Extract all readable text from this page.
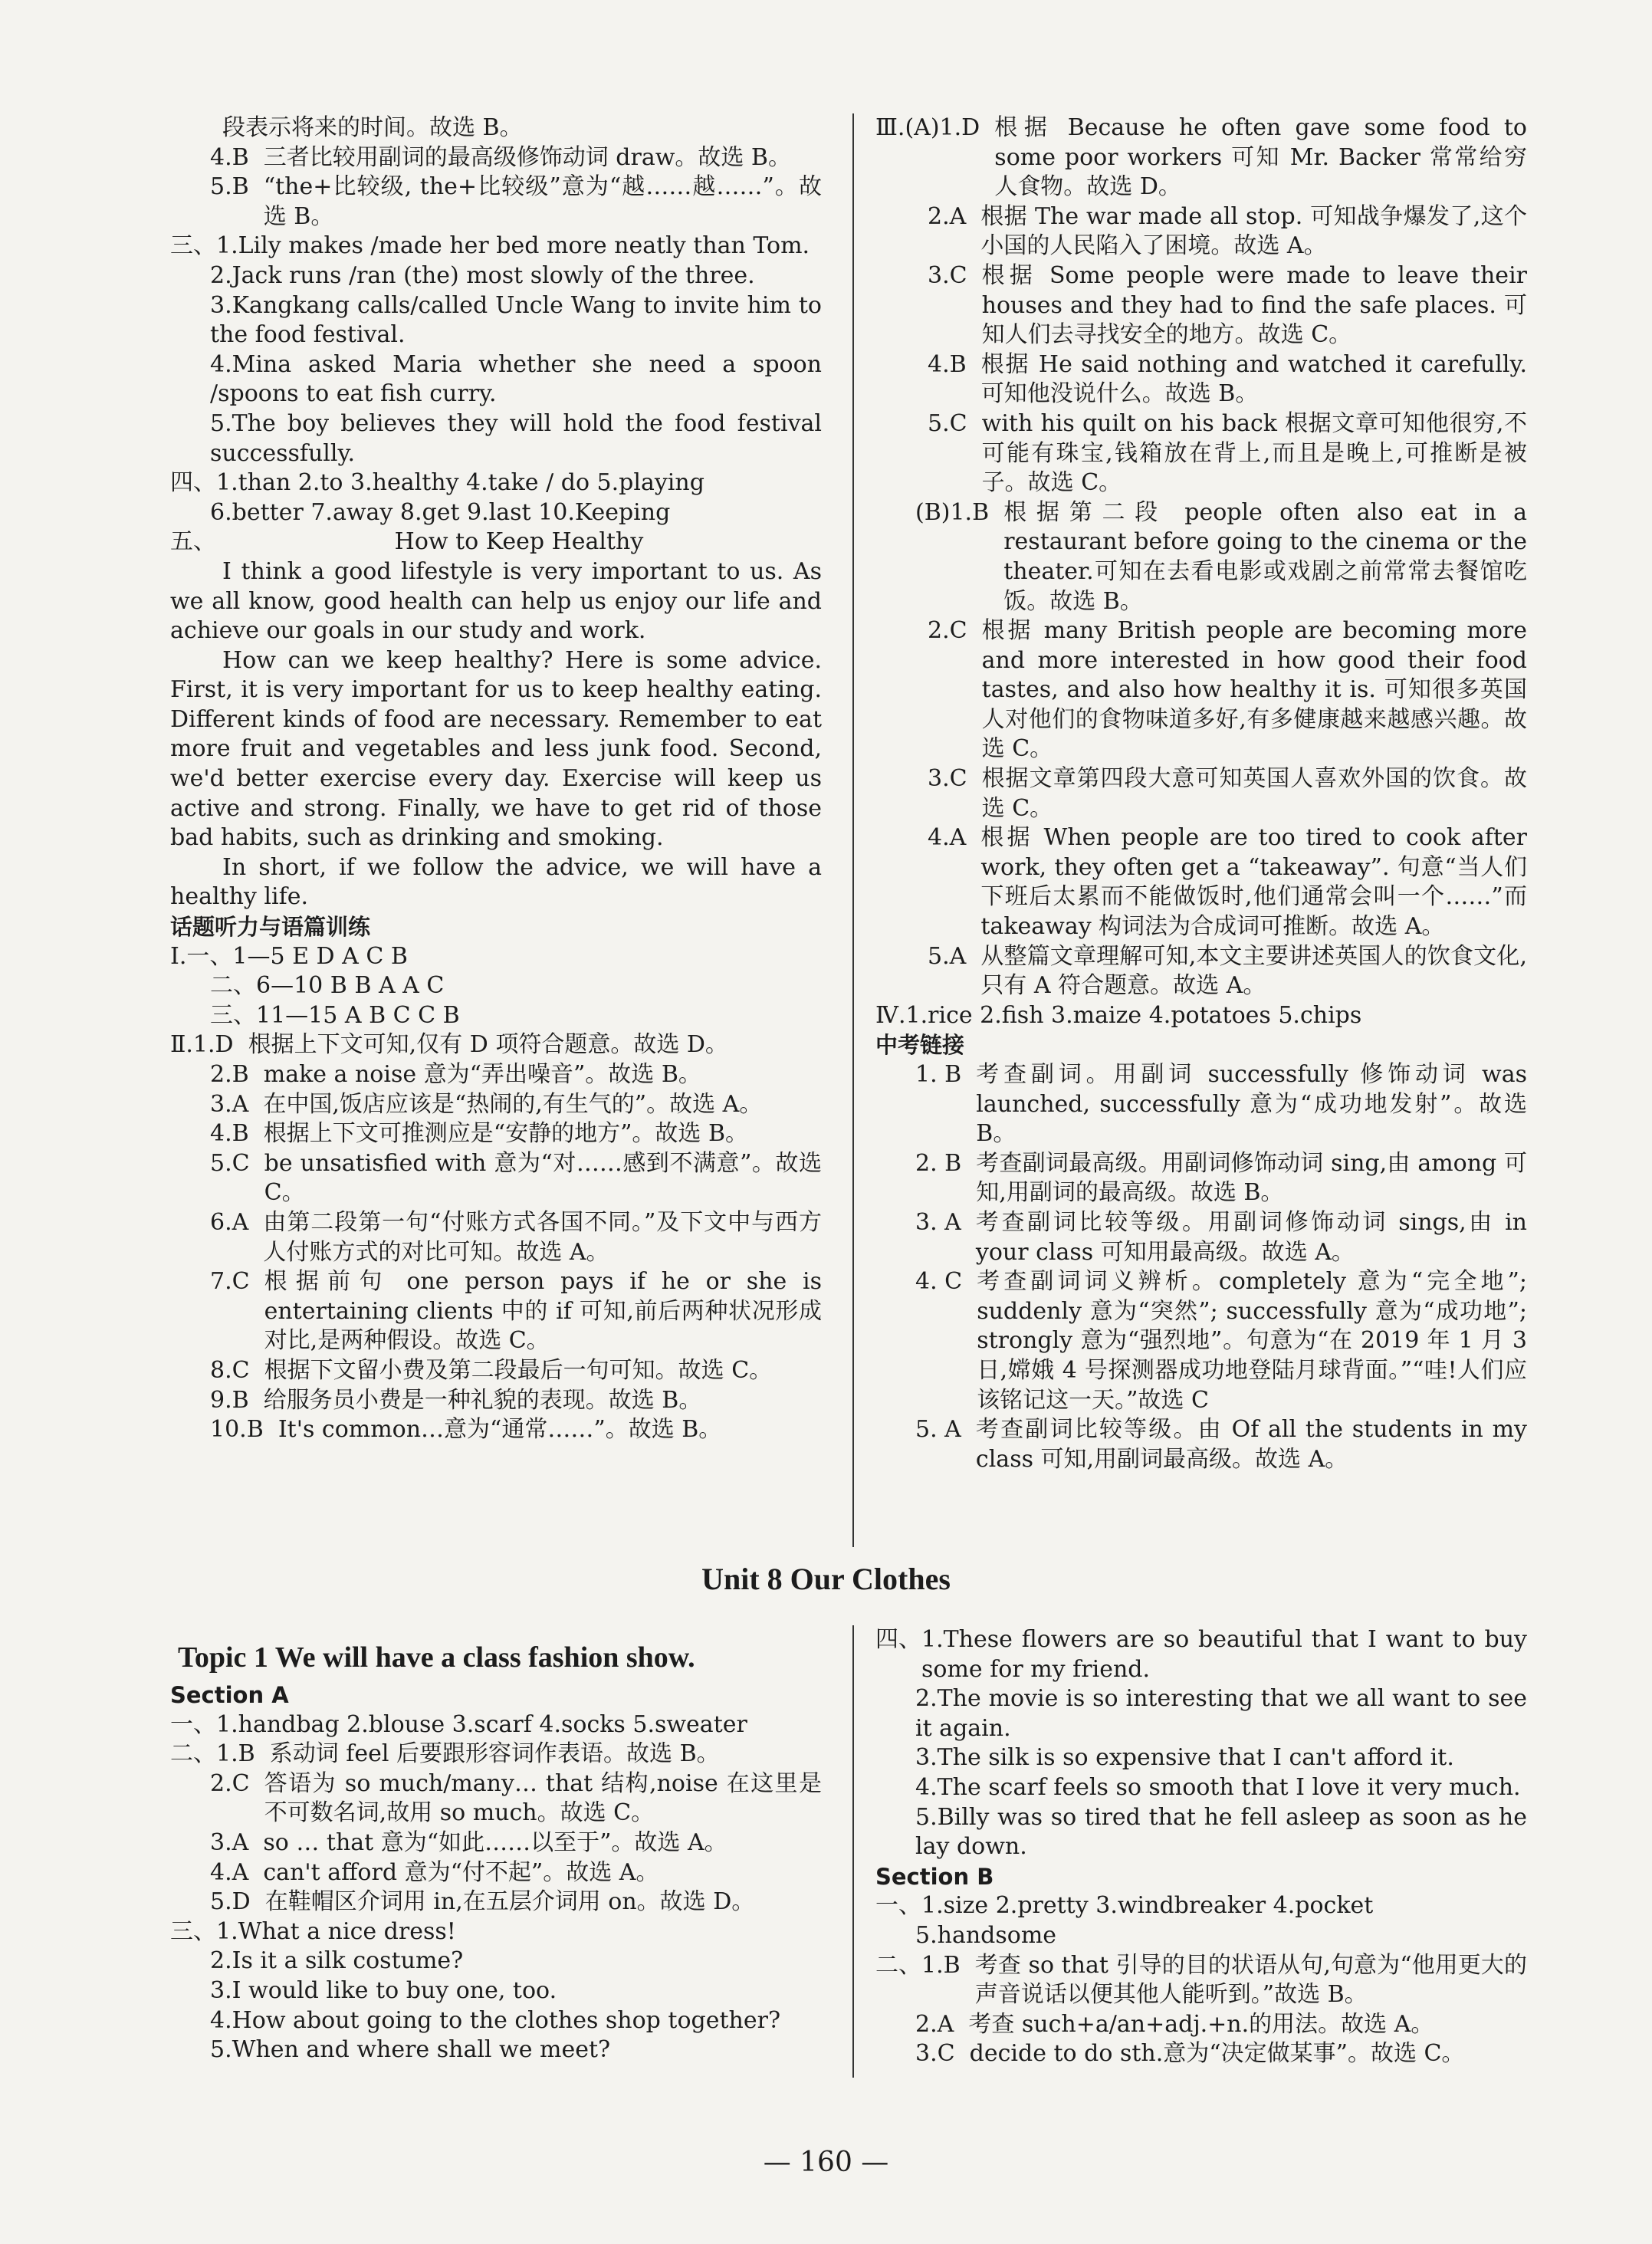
段表示将来的时间。故选 B。
4.B 三者比较用副词的最高级修饰动词 draw。故选 B。
5.B “the+比较级, the+比较级”意为“越……越……”。故选 B。
三、 1.Lily makes /made her bed more neatly than Tom.
2.Jack runs /ran (the) most slowly of the three.
3.Kangkang calls/called Uncle Wang to invite him to the food festival.
4.Mina asked Maria whether she need a spoon /spoons to eat fish curry.
5.The boy believes they will hold the food festival successfully.
四、 1.than 2.to 3.healthy 4.take / do 5.playing
6.better 7.away 8.get 9.last 10.Keeping
五、	How to Keep Healthy
I think a good lifestyle is very important to us. As we all know, good health can help us enjoy our life and achieve our goals in our study and work.
How can we keep healthy? Here is some advice. First, it is very important for us to keep healthy eating. Different kinds of food are necessary. Remember to eat more fruit and vegetables and less junk food. Second, we'd better exercise every day. Exercise will keep us active and strong. Finally, we have to get rid of those bad habits, such as drinking and smoking.
In short, if we follow the advice, we will have a healthy life.
话题听力与语篇训练
Ⅰ. 一、1—5 E D A C B
二、6—10 B B A A C
三、11—15 A B C C B
Ⅱ.1.D 根据上下文可知,仅有 D 项符合题意。故选 D。
2.B make a noise 意为“弄出噪音”。故选 B。
3.A 在中国,饭店应该是“热闹的,有生气的”。故选 A。
4.B 根据上下文可推测应是“安静的地方”。故选 B。
5.C be unsatisfied with 意为“对……感到不满意”。故选 C。
6.A 由第二段第一句“付账方式各国不同。”及下文中与西方人付账方式的对比可知。故选 A。
7.C 根据前句 one person pays if he or she is entertaining clients 中的 if 可知,前后两种状况形成对比,是两种假设。故选 C。
8.C 根据下文留小费及第二段最后一句可知。故选 C。
9.B 给服务员小费是一种礼貌的表现。故选 B。
10.B It's common…意为“通常……”。故选 B。
Ⅲ.(A)1.D 根据 Because he often gave some food to some poor workers 可知 Mr. Backer 常常给穷人食物。故选 D。
2.A 根据 The war made all stop. 可知战争爆发了,这个小国的人民陷入了困境。故选 A。
3.C 根据 Some people were made to leave their houses and they had to find the safe places. 可知人们去寻找安全的地方。故选 C。
4.B 根据 He said nothing and watched it carefully. 可知他没说什么。故选 B。
5.C with his quilt on his back 根据文章可知他很穷,不可能有珠宝,钱箱放在背上,而且是晚上,可推断是被子。故选 C。
(B)1.B 根据第二段 people often also eat in a restaurant before going to the cinema or the theater.可知在去看电影或戏剧之前常常去餐馆吃饭。故选 B。
2.C 根据 many British people are becoming more and more interested in how good their food tastes, and also how healthy it is. 可知很多英国人对他们的食物味道多好,有多健康越来越感兴趣。故选 C。
3.C 根据文章第四段大意可知英国人喜欢外国的饮食。故选 C。
4.A 根据 When people are too tired to cook after work, they often get a “takeaway”. 句意“当人们下班后太累而不能做饭时,他们通常会叫一个……”而 takeaway 构词法为合成词可推断。故选 A。
5.A 从整篇文章理解可知,本文主要讲述英国人的饮食文化,只有 A 符合题意。故选 A。
Ⅳ. 1.rice 2.fish 3.maize 4.potatoes 5.chips
中考链接
1. B 考查副词。用副词 successfully 修饰动词 was launched, successfully 意为“成功地发射”。故选 B。
2. B 考查副词最高级。用副词修饰动词 sing,由 among 可知,用副词的最高级。故选 B。
3. A 考查副词比较等级。用副词修饰动词 sings,由 in your class 可知用最高级。故选 A。
4. C 考查副词词义辨析。completely 意为“完全地”; suddenly 意为“突然”; successfully 意为“成功地”; strongly 意为“强烈地”。句意为“在 2019 年 1 月 3 日,嫦娥 4 号探测器成功地登陆月球背面。”“哇!人们应该铭记这一天。”故选 C
5. A 考查副词比较等级。由 Of all the students in my class 可知,用副词最高级。故选 A。
Unit 8 Our Clothes
Topic 1 We will have a class fashion show.
Section A
一、 1.handbag 2.blouse 3.scarf 4.socks 5.sweater
二、1.B 系动词 feel 后要跟形容词作表语。故选 B。
2.C 答语为 so much/many… that 结构,noise 在这里是不可数名词,故用 so much。故选 C。
3.A so … that 意为“如此……以至于”。故选 A。
4.A can't afford 意为“付不起”。故选 A。
5.D 在鞋帽区介词用 in,在五层介词用 on。故选 D。
三、 1.What a nice dress!
2.Is it a silk costume?
3.I would like to buy one, too.
4.How about going to the clothes shop together?
5.When and where shall we meet?
四、 1.These flowers are so beautiful that I want to buy some for my friend.
2.The movie is so interesting that we all want to see it again.
3.The silk is so expensive that I can't afford it.
4.The scarf feels so smooth that I love it very much.
5.Billy was so tired that he fell asleep as soon as he lay down.
Section B
一、 1.size 2.pretty 3.windbreaker 4.pocket
5.handsome
二、1.B 考查 so that 引导的目的状语从句,句意为“他用更大的声音说话以便其他人能听到。”故选 B。
2.A 考查 such+a/an+adj.+n.的用法。故选 A。
3.C decide to do sth.意为“决定做某事”。故选 C。
— 160 —
